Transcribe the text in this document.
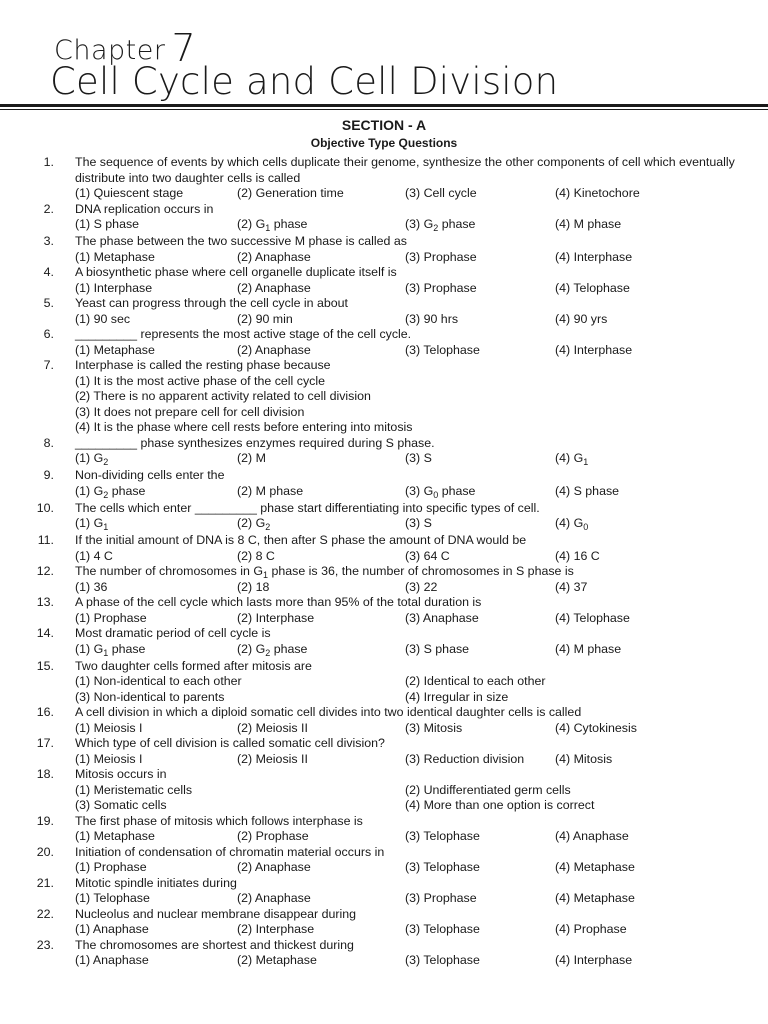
Chapter 7
Cell Cycle and Cell Division
SECTION - A
Objective Type Questions
1. The sequence of events by which cells duplicate their genome, synthesize the other components of cell which eventually distribute into two daughter cells is called
(1) Quiescent stage	(2) Generation time	(3) Cell cycle	(4) Kinetochore
2. DNA replication occurs in
(1) S phase	(2) $G_1$ phase	(3) $G_2$ phase	(4) M phase
3. The phase between the two successive M phase is called as
(1) Metaphase	(2) Anaphase	(3) Prophase	(4) Interphase
4. A biosynthetic phase where cell organelle duplicate itself is
(1) Interphase	(2) Anaphase	(3) Prophase	(4) Telophase
5. Yeast can progress through the cell cycle in about
(1) 90 sec	(2) 90 min	(3) 90 hrs	(4) 90 yrs
6. _________ represents the most active stage of the cell cycle.
(1) Metaphase	(2) Anaphase	(3) Telophase	(4) Interphase
7. Interphase is called the resting phase because
(1) It is the most active phase of the cell cycle
(2) There is no apparent activity related to cell division
(3) It does not prepare cell for cell division
(4) It is the phase where cell rests before entering into mitosis
8. _________ phase synthesizes enzymes required during S phase.
(1) $G_2$	(2) M	(3) S	(4) $G_1$
9. Non-dividing cells enter the
(1) $G_2$ phase	(2) M phase	(3) $G_0$ phase	(4) S phase
10. The cells which enter _________ phase start differentiating into specific types of cell.
(1) $G_1$	(2) $G_2$	(3) S	(4) $G_0$
11. If the initial amount of DNA is 8 C, then after S phase the amount of DNA would be
(1) 4 C	(2) 8 C	(3) 64 C	(4) 16 C
12. The number of chromosomes in $G_1$ phase is 36, the number of chromosomes in S phase is
(1) 36	(2) 18	(3) 22	(4) 37
13. A phase of the cell cycle which lasts more than 95% of the total duration is
(1) Prophase	(2) Interphase	(3) Anaphase	(4) Telophase
14. Most dramatic period of cell cycle is
(1) $G_1$ phase	(2) $G_2$ phase	(3) S phase	(4) M phase
15. Two daughter cells formed after mitosis are
(1) Non-identical to each other	(2) Identical to each other
(3) Non-identical to parents	(4) Irregular in size
16. A cell division in which a diploid somatic cell divides into two identical daughter cells is called
(1) Meiosis I	(2) Meiosis II	(3) Mitosis	(4) Cytokinesis
17. Which type of cell division is called somatic cell division?
(1) Meiosis I	(2) Meiosis II	(3) Reduction division (4) Mitosis
18. Mitosis occurs in
(1) Meristematic cells	(2) Undifferentiated germ cells
(3) Somatic cells	(4) More than one option is correct
19. The first phase of mitosis which follows interphase is
(1) Metaphase	(2) Prophase	(3) Telophase	(4) Anaphase
20. Initiation of condensation of chromatin material occurs in
(1) Prophase	(2) Anaphase	(3) Telophase	(4) Metaphase
21. Mitotic spindle initiates during
(1) Telophase	(2) Anaphase	(3) Prophase	(4) Metaphase
22. Nucleolus and nuclear membrane disappear during
(1) Anaphase	(2) Interphase	(3) Telophase	(4) Prophase
23. The chromosomes are shortest and thickest during
(1) Anaphase	(2) Metaphase	(3) Telophase	(4) Interphase
